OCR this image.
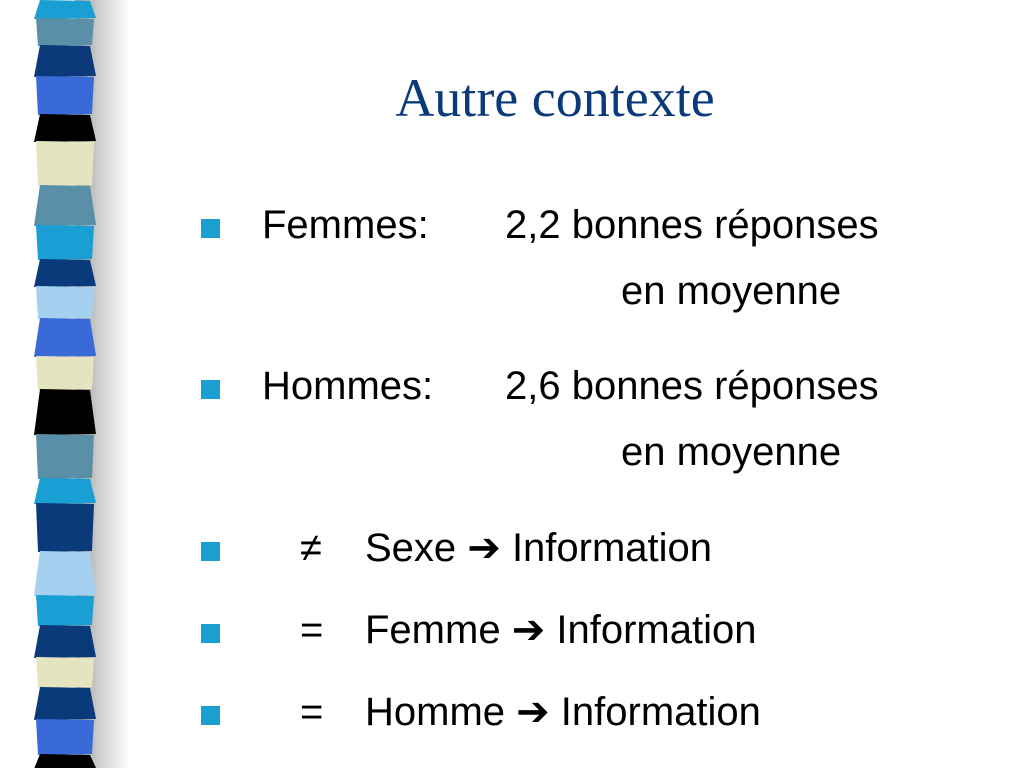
Autre contexte
Femmes: 2,2 bonnes réponses
en moyenne
Hommes: 2,6 bonnes réponses
en moyenne
≠ Sexe ➔ Information
= Femme ➔ Information
= Homme ➔ Information
